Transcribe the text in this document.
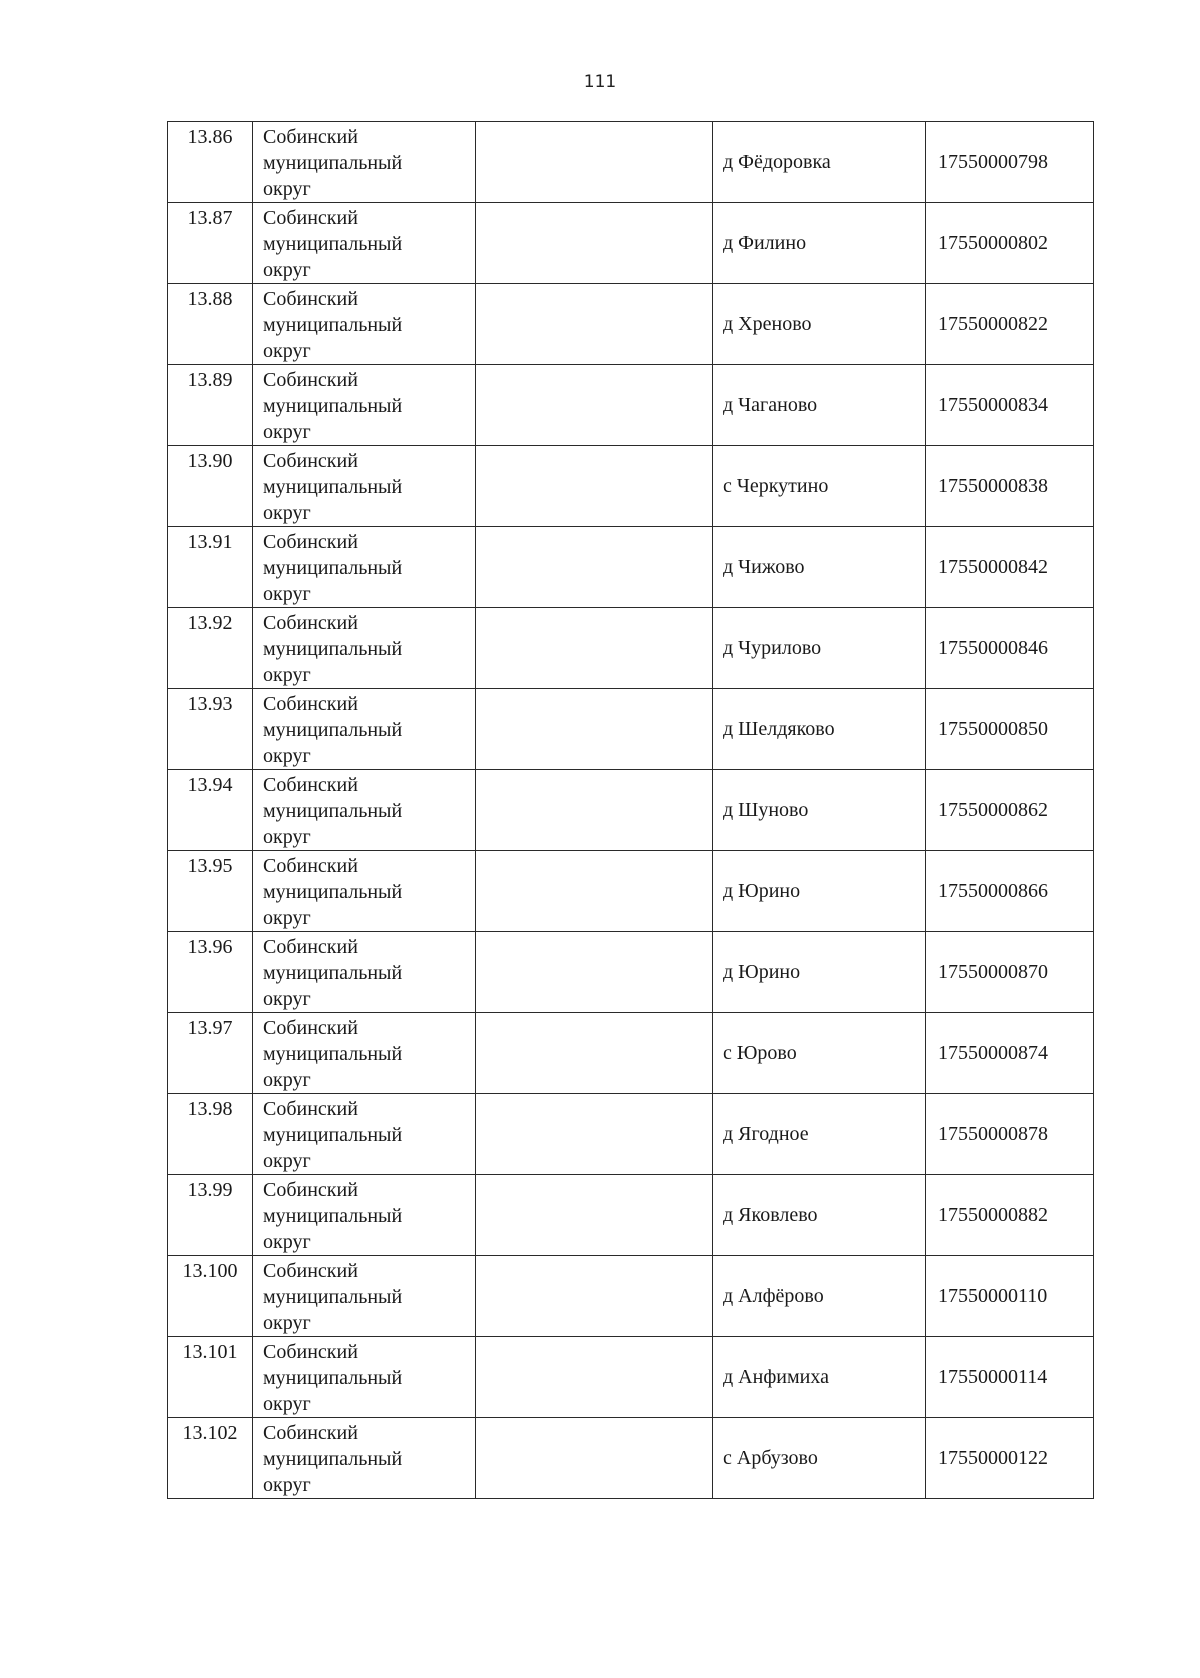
111
13.86	Собинский
муниципальный
округ		д Фёдоровка	17550000798
13.87	Собинский
муниципальный
округ		д Филино	17550000802
13.88	Собинский
муниципальный
округ		д Хреново	17550000822
13.89	Собинский
муниципальный
округ		д Чаганово	17550000834
13.90	Собинский
муниципальный
округ		с Черкутино	17550000838
13.91	Собинский
муниципальный
округ		д Чижово	17550000842
13.92	Собинский
муниципальный
округ		д Чурилово	17550000846
13.93	Собинский
муниципальный
округ		д Шелдяково	17550000850
13.94	Собинский
муниципальный
округ		д Шуново	17550000862
13.95	Собинский
муниципальный
округ		д Юрино	17550000866
13.96	Собинский
муниципальный
округ		д Юрино	17550000870
13.97	Собинский
муниципальный
округ		с Юрово	17550000874
13.98	Собинский
муниципальный
округ		д Ягодное	17550000878
13.99	Собинский
муниципальный
округ		д Яковлево	17550000882
13.100	Собинский
муниципальный
округ		д Алфёрово	17550000110
13.101	Собинский
муниципальный
округ		д Анфимиха	17550000114
13.102	Собинский
муниципальный
округ		с Арбузово	17550000122
